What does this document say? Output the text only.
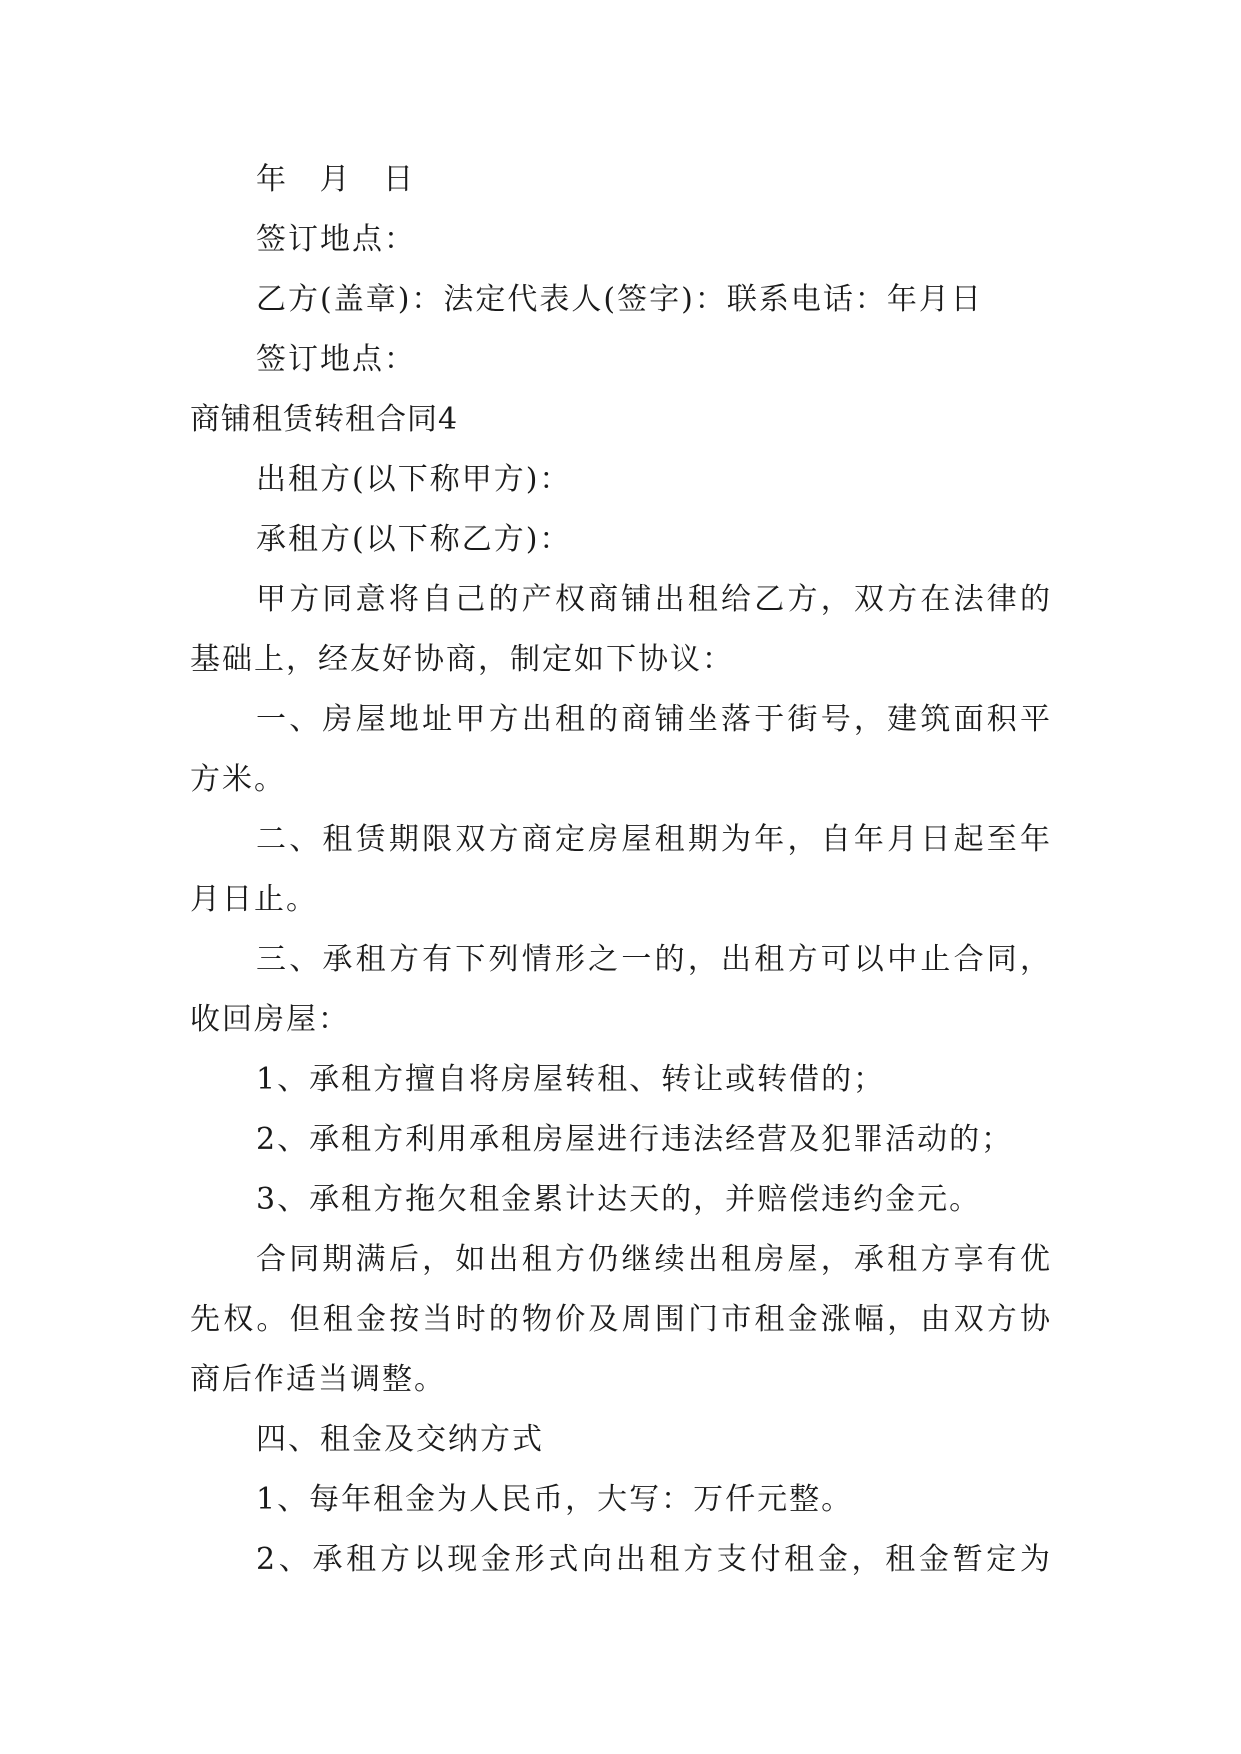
年 月 日
签订地点：
乙方(盖章)：法定代表人(签字)：联系电话：年月日
签订地点：
商铺租赁转租合同4
出租方(以下称甲方)：
承租方(以下称乙方)：
甲方同意将自己的产权商铺出租给乙方，双方在法律的
基础上，经友好协商，制定如下协议：
一、房屋地址甲方出租的商铺坐落于街号，建筑面积平
方米。
二、租赁期限双方商定房屋租期为年，自年月日起至年
月日止。
三、承租方有下列情形之一的，出租方可以中止合同，
收回房屋：
1、承租方擅自将房屋转租、转让或转借的；
2、承租方利用承租房屋进行违法经营及犯罪活动的；
3、承租方拖欠租金累计达天的，并赔偿违约金元。
合同期满后，如出租方仍继续出租房屋，承租方享有优
先权。但租金按当时的物价及周围门市租金涨幅，由双方协
商后作适当调整。
四、租金及交纳方式
1、每年租金为人民币，大写：万仟元整。
2、承租方以现金形式向出租方支付租金，租金暂定为
